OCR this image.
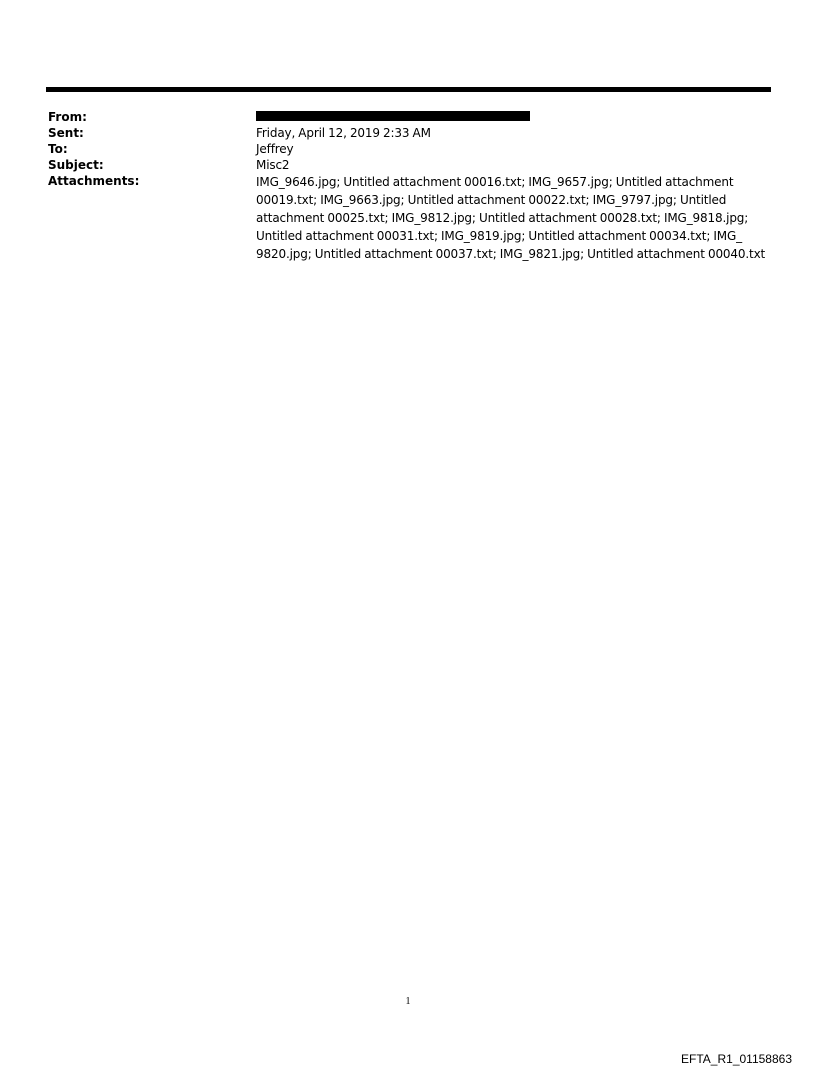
From:
Sent:	Friday, April 12, 2019 2:33 AM
To:	Jeffrey
Subject:	Misc2
Attachments:	IMG_9646.jpg; Untitled attachment 00016.txt; IMG_9657.jpg; Untitled attachment 00019.txt; IMG_9663.jpg; Untitled attachment 00022.txt; IMG_9797.jpg; Untitled attachment 00025.txt; IMG_9812.jpg; Untitled attachment 00028.txt; IMG_9818.jpg; Untitled attachment 00031.txt; IMG_9819.jpg; Untitled attachment 00034.txt; IMG_ 9820.jpg; Untitled attachment 00037.txt; IMG_9821.jpg; Untitled attachment 00040.txt
1
EFTA_R1_01158863
